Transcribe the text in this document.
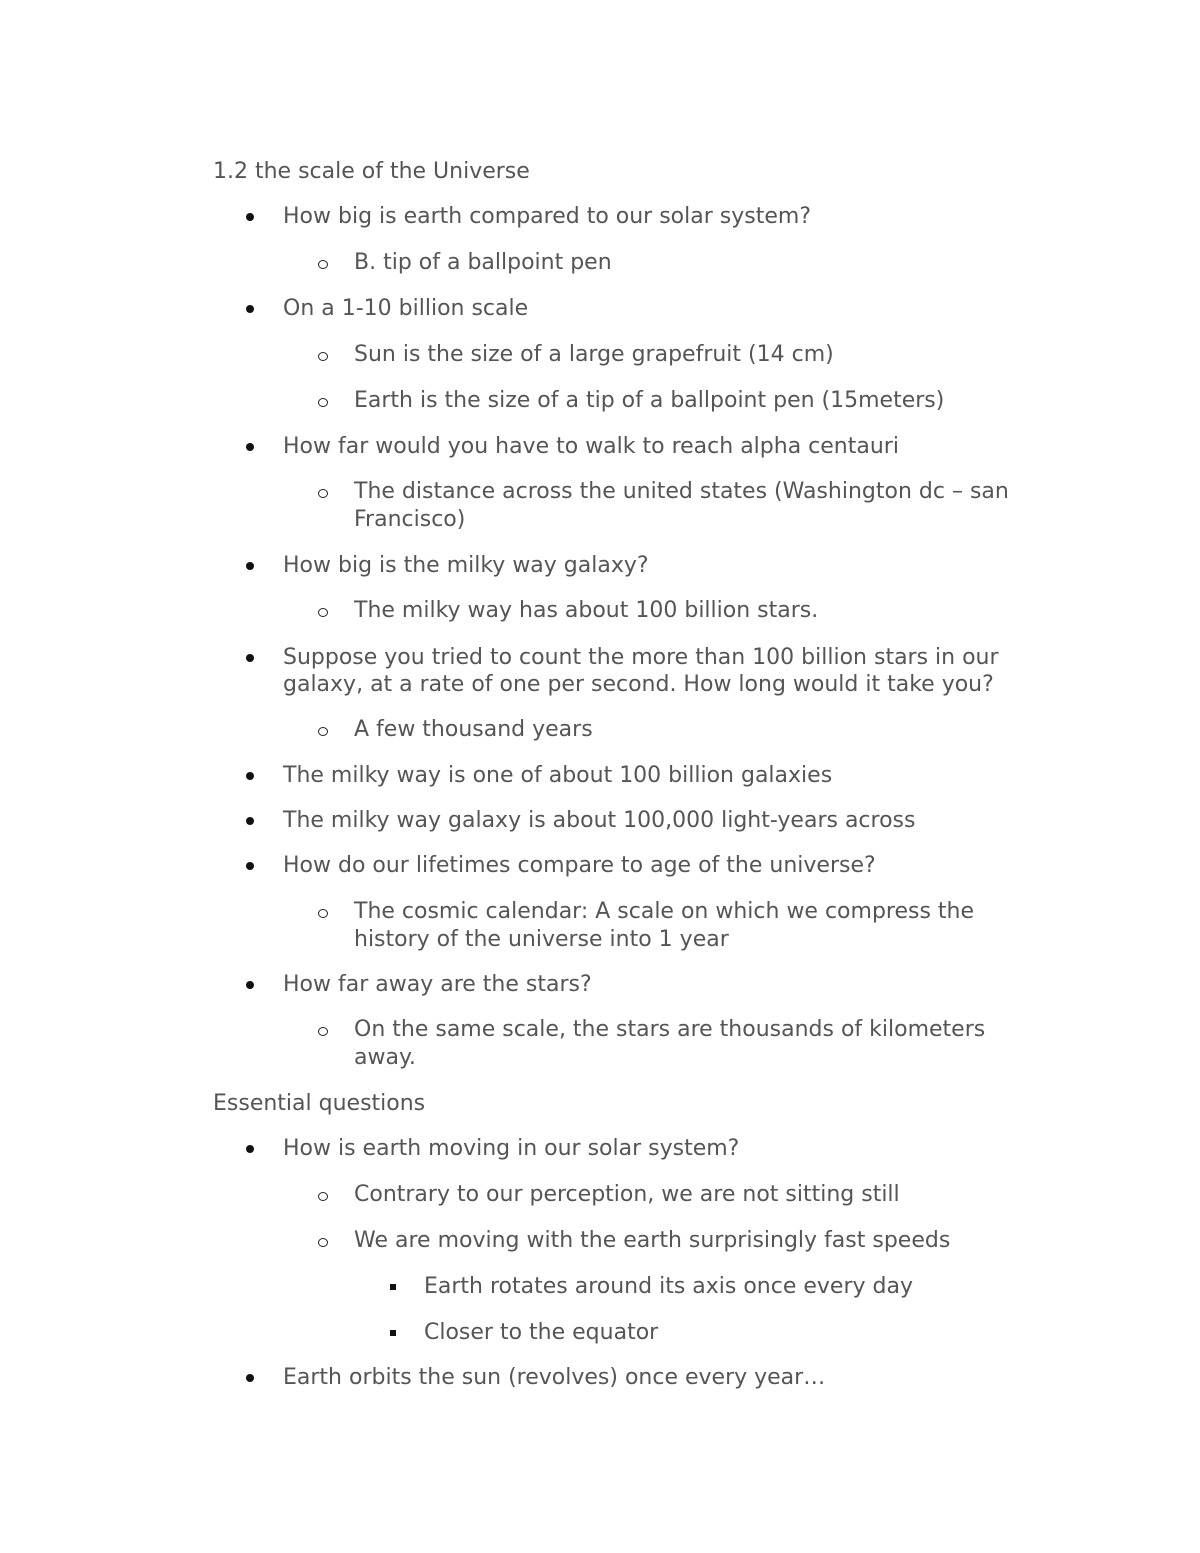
1.2 the scale of the Universe
How big is earth compared to our solar system?
B. tip of a ballpoint pen
On a 1-10 billion scale
Sun is the size of a large grapefruit (14 cm)
Earth is the size of a tip of a ballpoint pen (15meters)
How far would you have to walk to reach alpha centauri
The distance across the united states (Washington dc – san
Francisco)
How big is the milky way galaxy?
The milky way has about 100 billion stars.
Suppose you tried to count the more than 100 billion stars in our
galaxy, at a rate of one per second. How long would it take you?
A few thousand years
The milky way is one of about 100 billion galaxies
The milky way galaxy is about 100,000 light-years across
How do our lifetimes compare to age of the universe?
The cosmic calendar: A scale on which we compress the
history of the universe into 1 year
How far away are the stars?
On the same scale, the stars are thousands of kilometers
away.
Essential questions
How is earth moving in our solar system?
Contrary to our perception, we are not sitting still
We are moving with the earth surprisingly fast speeds
Earth rotates around its axis once every day
Closer to the equator
Earth orbits the sun (revolves) once every year…
